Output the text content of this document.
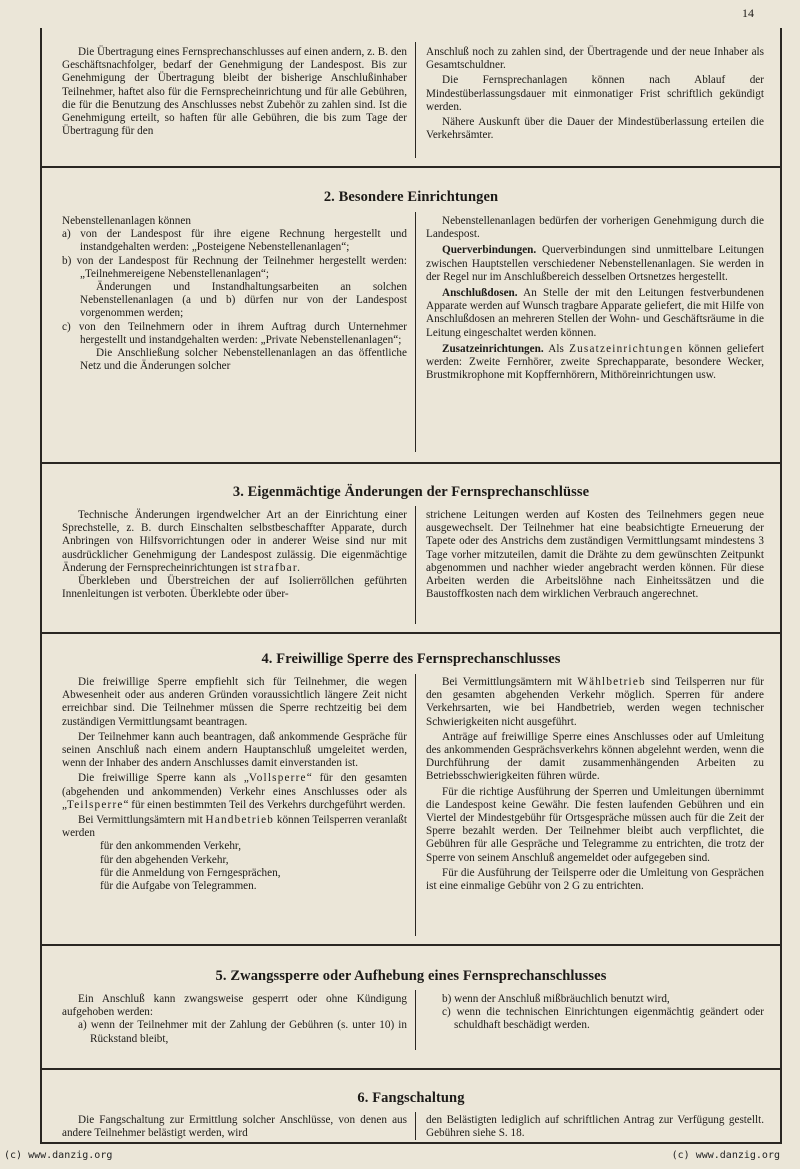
14

Die Übertragung eines Fernsprechanschlusses auf einen andern, z. B. den Geschäftsnachfolger, bedarf der Genehmigung der Landespost. Bis zur Genehmigung der Übertragung bleibt der bisherige Anschlußinhaber Teilnehmer, haftet also für die Fernsprecheinrichtung und für alle Gebühren, die für die Benutzung des Anschlusses nebst Zubehör zu zahlen sind. Ist die Genehmigung erteilt, so haften für alle Gebühren, die bis zum Tage der Übertragung für den

Anschluß noch zu zahlen sind, der Übertragende und der neue Inhaber als Gesamtschuldner.

Die Fernsprechanlagen können nach Ablauf der Mindestüberlassungsdauer mit einmonatiger Frist schriftlich gekündigt werden.

Nähere Auskunft über die Dauer der Mindestüberlassung erteilen die Verkehrsämter.

2. Besondere Einrichtungen

Nebenstellenanlagen können

a) von der Landespost für ihre eigene Rechnung hergestellt und instandgehalten werden: „Posteigene Nebenstellenanlagen“;

b) von der Landespost für Rechnung der Teilnehmer hergestellt werden: „Teilnehmereigene Nebenstellenanlagen“;

Änderungen und Instandhaltungsarbeiten an solchen Nebenstellenanlagen (a und b) dürfen nur von der Landespost vorgenommen werden;

c) von den Teilnehmern oder in ihrem Auftrag durch Unternehmer hergestellt und instandgehalten werden: „Private Nebenstellenanlagen“;

Die Anschließung solcher Nebenstellenanlagen an das öffentliche Netz und die Änderungen solcher

Nebenstellenanlagen bedürfen der vorherigen Genehmigung durch die Landespost.

Querverbindungen. Querverbindungen sind unmittelbare Leitungen zwischen Hauptstellen verschiedener Nebenstellenanlagen. Sie werden in der Regel nur im Anschlußbereich desselben Ortsnetzes hergestellt.

Anschlußdosen. An Stelle der mit den Leitungen festverbundenen Apparate werden auf Wunsch tragbare Apparate geliefert, die mit Hilfe von Anschlußdosen an mehreren Stellen der Wohn- und Geschäftsräume in die Leitung eingeschaltet werden können.

Zusatzeinrichtungen. Als Zusatzeinrichtungen können geliefert werden: Zweite Fernhörer, zweite Sprechapparate, besondere Wecker, Brustmikrophone mit Kopffernhörern, Mithöreinrichtungen usw.

3. Eigenmächtige Änderungen der Fernsprechanschlüsse

Technische Änderungen irgendwelcher Art an der Einrichtung einer Sprechstelle, z. B. durch Einschalten selbstbeschaffter Apparate, durch Anbringen von Hilfsvorrichtungen oder in anderer Weise sind nur mit ausdrücklicher Genehmigung der Landespost zulässig. Die eigenmächtige Änderung der Fernsprecheinrichtungen ist strafbar.

Überkleben und Überstreichen der auf Isolierröllchen geführten Innenleitungen ist verboten. Überklebte oder über-

strichene Leitungen werden auf Kosten des Teilnehmers gegen neue ausgewechselt. Der Teilnehmer hat eine beabsichtigte Erneuerung der Tapete oder des Anstrichs dem zuständigen Vermittlungsamt mindestens 3 Tage vorher mitzuteilen, damit die Drähte zu dem gewünschten Zeitpunkt abgenommen und nachher wieder angebracht werden können. Für diese Arbeiten werden die Arbeitslöhne nach Einheitssätzen und die Baustoffkosten nach dem wirklichen Verbrauch angerechnet.

4. Freiwillige Sperre des Fernsprechanschlusses

Die freiwillige Sperre empfiehlt sich für Teilnehmer, die wegen Abwesenheit oder aus anderen Gründen voraussichtlich längere Zeit nicht erreichbar sind. Die Teilnehmer müssen die Sperre rechtzeitig bei dem zuständigen Vermittlungsamt beantragen.

Der Teilnehmer kann auch beantragen, daß ankommende Gespräche für seinen Anschluß nach einem andern Hauptanschluß umgeleitet werden, wenn der Inhaber des andern Anschlusses damit einverstanden ist.

Die freiwillige Sperre kann als „Vollsperre“ für den gesamten (abgehenden und ankommenden) Verkehr eines Anschlusses oder als „Teilsperre“ für einen bestimmten Teil des Verkehrs durchgeführt werden.

Bei Vermittlungsämtern mit Handbetrieb können Teilsperren veranlaßt werden

für den ankommenden Verkehr,

für den abgehenden Verkehr,

für die Anmeldung von Ferngesprächen,

für die Aufgabe von Telegrammen.

Bei Vermittlungsämtern mit Wählbetrieb sind Teilsperren nur für den gesamten abgehenden Verkehr möglich. Sperren für andere Verkehrsarten, wie bei Handbetrieb, werden wegen technischer Schwierigkeiten nicht ausgeführt.

Anträge auf freiwillige Sperre eines Anschlusses oder auf Umleitung des ankommenden Gesprächsverkehrs können abgelehnt werden, wenn die Durchführung der damit zusammenhängenden Arbeiten zu Betriebsschwierigkeiten führen würde.

Für die richtige Ausführung der Sperren und Umleitungen übernimmt die Landespost keine Gewähr. Die festen laufenden Gebühren und ein Viertel der Mindestgebühr für Ortsgespräche müssen auch für die Zeit der Sperre bezahlt werden. Der Teilnehmer bleibt auch verpflichtet, die Gebühren für alle Gespräche und Telegramme zu entrichten, die trotz der Sperre von seinem Anschluß angemeldet oder aufgegeben sind.

Für die Ausführung der Teilsperre oder die Umleitung von Gesprächen ist eine einmalige Gebühr von 2 G zu entrichten.

5. Zwangssperre oder Aufhebung eines Fernsprechanschlusses

Ein Anschluß kann zwangsweise gesperrt oder ohne Kündigung aufgehoben werden:

a) wenn der Teilnehmer mit der Zahlung der Gebühren (s. unter 10) in Rückstand bleibt,

b) wenn der Anschluß mißbräuchlich benutzt wird,

c) wenn die technischen Einrichtungen eigenmächtig geändert oder schuldhaft beschädigt werden.

6. Fangschaltung

Die Fangschaltung zur Ermittlung solcher Anschlüsse, von denen aus andere Teilnehmer belästigt werden, wird

den Belästigten lediglich auf schriftlichen Antrag zur Verfügung gestellt. Gebühren siehe S. 18.

(c) www.danzig.org	(c) www.danzig.org
